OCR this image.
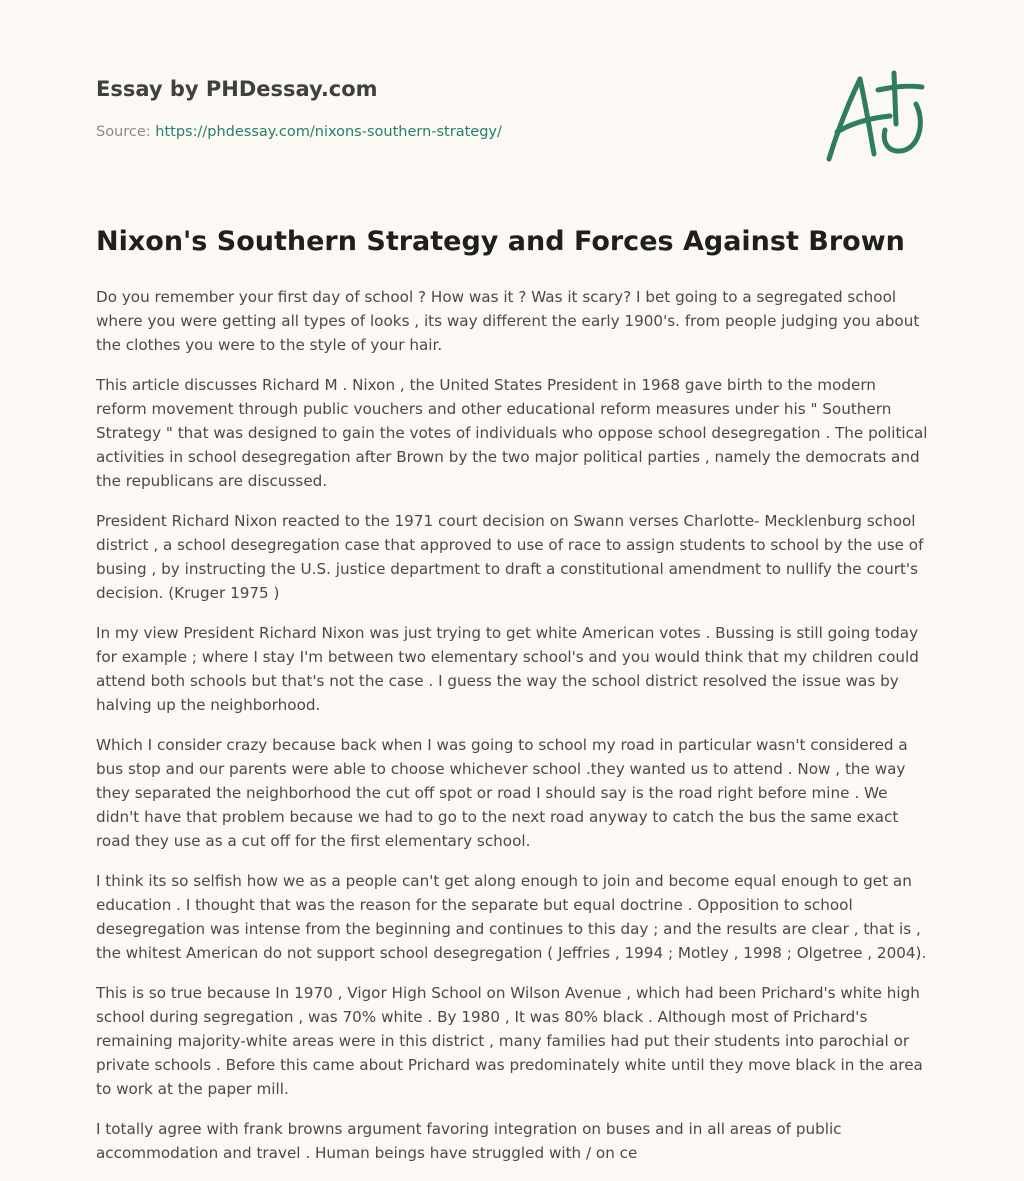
Essay by PHDessay.com
Source: https://phdessay.com/nixons-southern-strategy/
Nixon's Southern Strategy and Forces Against Brown

Do you remember your first day of school ? How was it ? Was it scary? I bet going to a segregated school where you were getting all types of looks , its way different the early 1900's. from people judging you about the clothes you were to the style of your hair.

This article discusses Richard M . Nixon , the United States President in 1968 gave birth to the modern reform movement through public vouchers and other educational reform measures under his " Southern Strategy " that was designed to gain the votes of individuals who oppose school desegregation . The political activities in school desegregation after Brown by the two major political parties , namely the democrats and the republicans are discussed.

President Richard Nixon reacted to the 1971 court decision on Swann verses Charlotte- Mecklenburg school district , a school desegregation case that approved to use of race to assign students to school by the use of busing , by instructing the U.S. justice department to draft a constitutional amendment to nullify the court's decision. (Kruger 1975 )

In my view President Richard Nixon was just trying to get white American votes . Bussing is still going today for example ; where I stay I'm between two elementary school's and you would think that my children could attend both schools but that's not the case . I guess the way the school district resolved the issue was by halving up the neighborhood.

Which I consider crazy because back when I was going to school my road in particular wasn't considered a bus stop and our parents were able to choose whichever school .they wanted us to attend . Now , the way they separated the neighborhood the cut off spot or road I should say is the road right before mine . We didn't have that problem because we had to go to the next road anyway to catch the bus the same exact road they use as a cut off for the first elementary school.

I think its so selfish how we as a people can't get along enough to join and become equal enough to get an education . I thought that was the reason for the separate but equal doctrine . Opposition to school desegregation was intense from the beginning and continues to this day ; and the results are clear , that is , the whitest American do not support school desegregation ( Jeffries , 1994 ; Motley , 1998 ; Olgetree , 2004).

This is so true because In 1970 , Vigor High School on Wilson Avenue , which had been Prichard's white high school during segregation , was 70% white . By 1980 , It was 80% black . Although most of Prichard's remaining majority-white areas were in this district , many families had put their students into parochial or private schools . Before this came about Prichard was predominately white until they move black in the area to work at the paper mill.

I totally agree with frank browns argument favoring integration on buses and in all areas of public accommodation and travel . Human beings have struggled with / on ce
